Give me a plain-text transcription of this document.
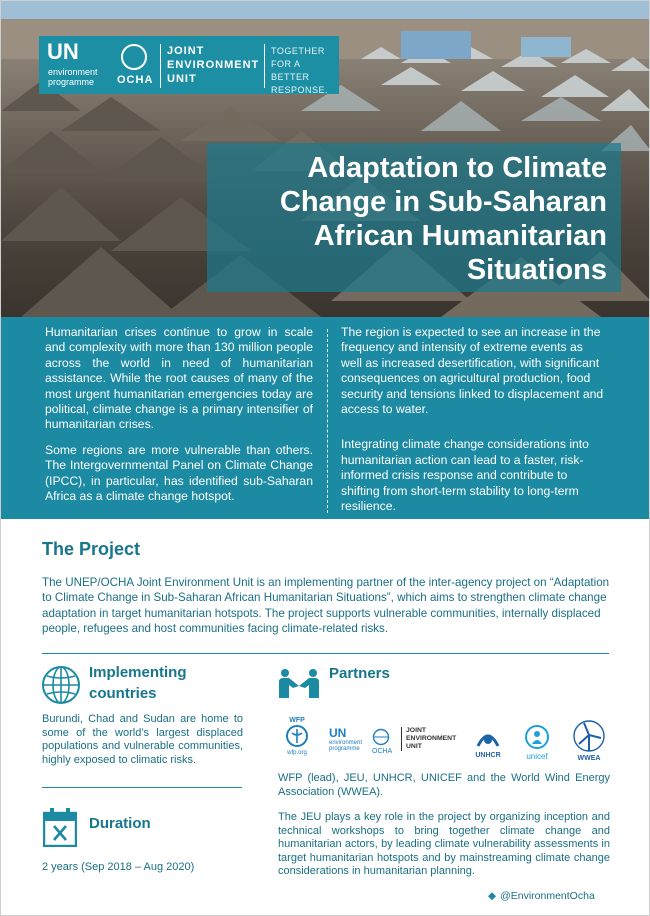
UN
environment programme	OCHA
JOINT ENVIRONMENT UNIT
TOGETHER FOR A BETTER RESPONSE.
Adaptation to Climate Change in Sub-Saharan African Humanitarian Situations

Humanitarian crises continue to grow in scale and complexity with more than 130 million people across the world in need of humanitarian assistance. While the root causes of many of the most urgent humanitarian emergencies today are political, climate change is a primary intensifier of humanitarian crises.

Some regions are more vulnerable than others. The Intergovernmental Panel on Climate Change (IPCC), in particular, has identified sub-Saharan Africa as a climate change hotspot.

The region is expected to see an increase in the frequency and intensity of extreme events as well as increased desertification, with significant consequences on agricultural production, food security and tensions linked to displacement and access to water.

Integrating climate change considerations into humanitarian action can lead to a faster, risk-informed crisis response and contribute to shifting from short-term stability to long-term resilience.

The Project

The UNEP/OCHA Joint Environment Unit is an implementing partner of the inter-agency project on “Adaptation to Climate Change in Sub-Saharan African Humanitarian Situations”, which aims to strengthen climate change adaptation in target humanitarian hotspots. The project supports vulnerable communities, internally displaced people, refugees and host communities facing climate-related risks.

Implementing countries

Burundi, Chad and Sudan are home to some of the world’s largest displaced populations and vulnerable communities, highly exposed to climatic risks.

Duration

2 years (Sep 2018 – Aug 2020)

Partners
WFP
wfp.org
UN
environment programme	OCHA
JOINT ENVIRONMENT UNIT
UNHCR	unicef	WWEA

WFP (lead), JEU, UNHCR, UNICEF and the World Wind Energy Association (WWEA).

The JEU plays a key role in the project by organizing inception and technical workshops to bring together climate change and humanitarian actors, by leading climate vulnerability assessments in target humanitarian hotspots and by mainstreaming climate change considerations in humanitarian planning.

◆ @EnvironmentOcha
